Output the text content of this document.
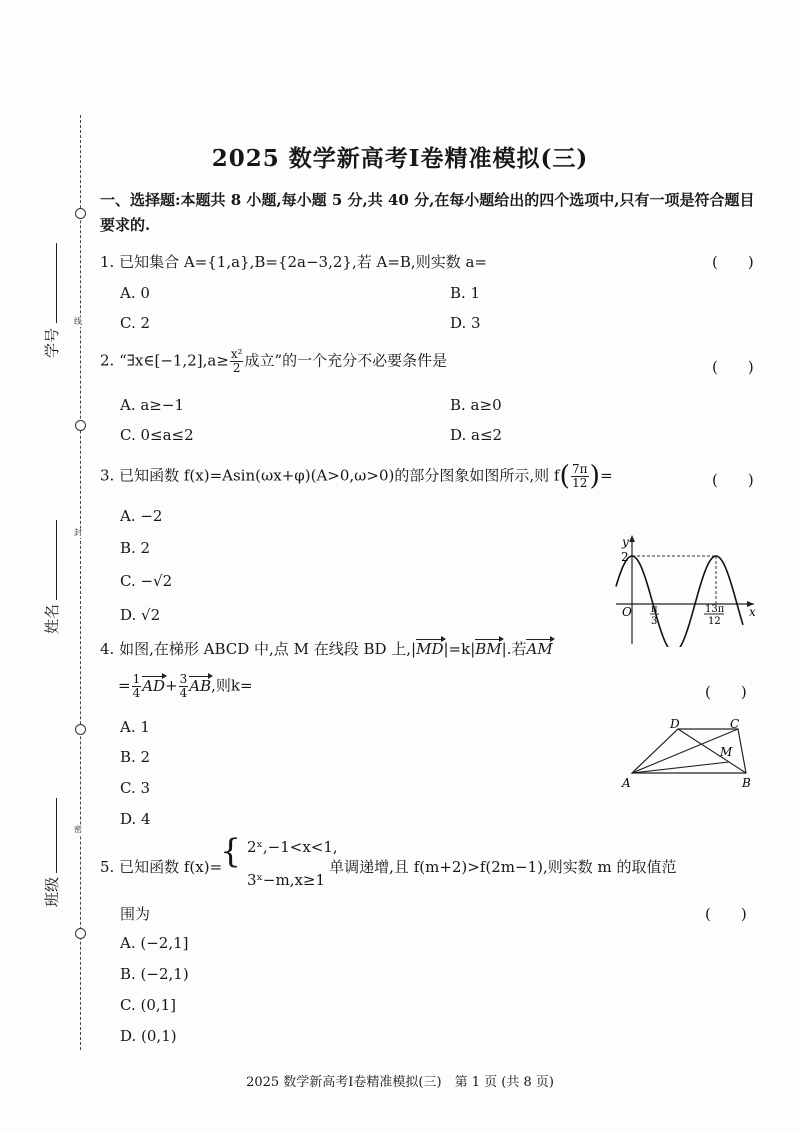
线
封
密
学号
姓名
班级
2025 数学新高考Ⅰ卷精准模拟(三)
一、选择题:本题共 8 小题,每小题 5 分,共 40 分,在每小题给出的四个选项中,只有一项是符合题目要求的.
1. 已知集合 A={1,a},B={2a−3,2},若 A=B,则实数 a=	(　　)
A. 0	B. 1
C. 2	D. 3
2. “∃x∈[−1,2],a≥ $\frac{\text{x²}}{2}$ 成立”的一个充分不必要条件是	(　　)
A. a≥−1	B. a≥0
C. 0≤a≤2	D. a≤2
3. 已知函数 f(x)=Asin(ωx+φ)(A>0,ω>0)的部分图象如图所示,则 $f( \frac{7\pi}{12}$ )=	(　　)
A. −2
B. 2
C. −√2
D. √2
y
x
O
2
π
3
13π
12
4. 如图,在梯形 ABCD 中,点 M 在线段 BD 上,|MD|=k|BM|.若AM
= $\frac{1}{4} AD+ \frac{3}{4}$ AB,则k=	(　　)
A. 1
B. 2
C. 3
D. 4
A	B
C
D
M
5. 已知函数 f(x)=	单调递增,且 f(m+2)>f(2m−1),则实数 m 的取值范
{ 2ˣ,−1<x<1,
3ˣ−m,x≥1
围为	(　　)
A. (−2,1]
B. (−2,1)
C. (0,1]
D. (0,1)
2025 数学新高考Ⅰ卷精准模拟(三)　第 1 页 (共 8 页)
